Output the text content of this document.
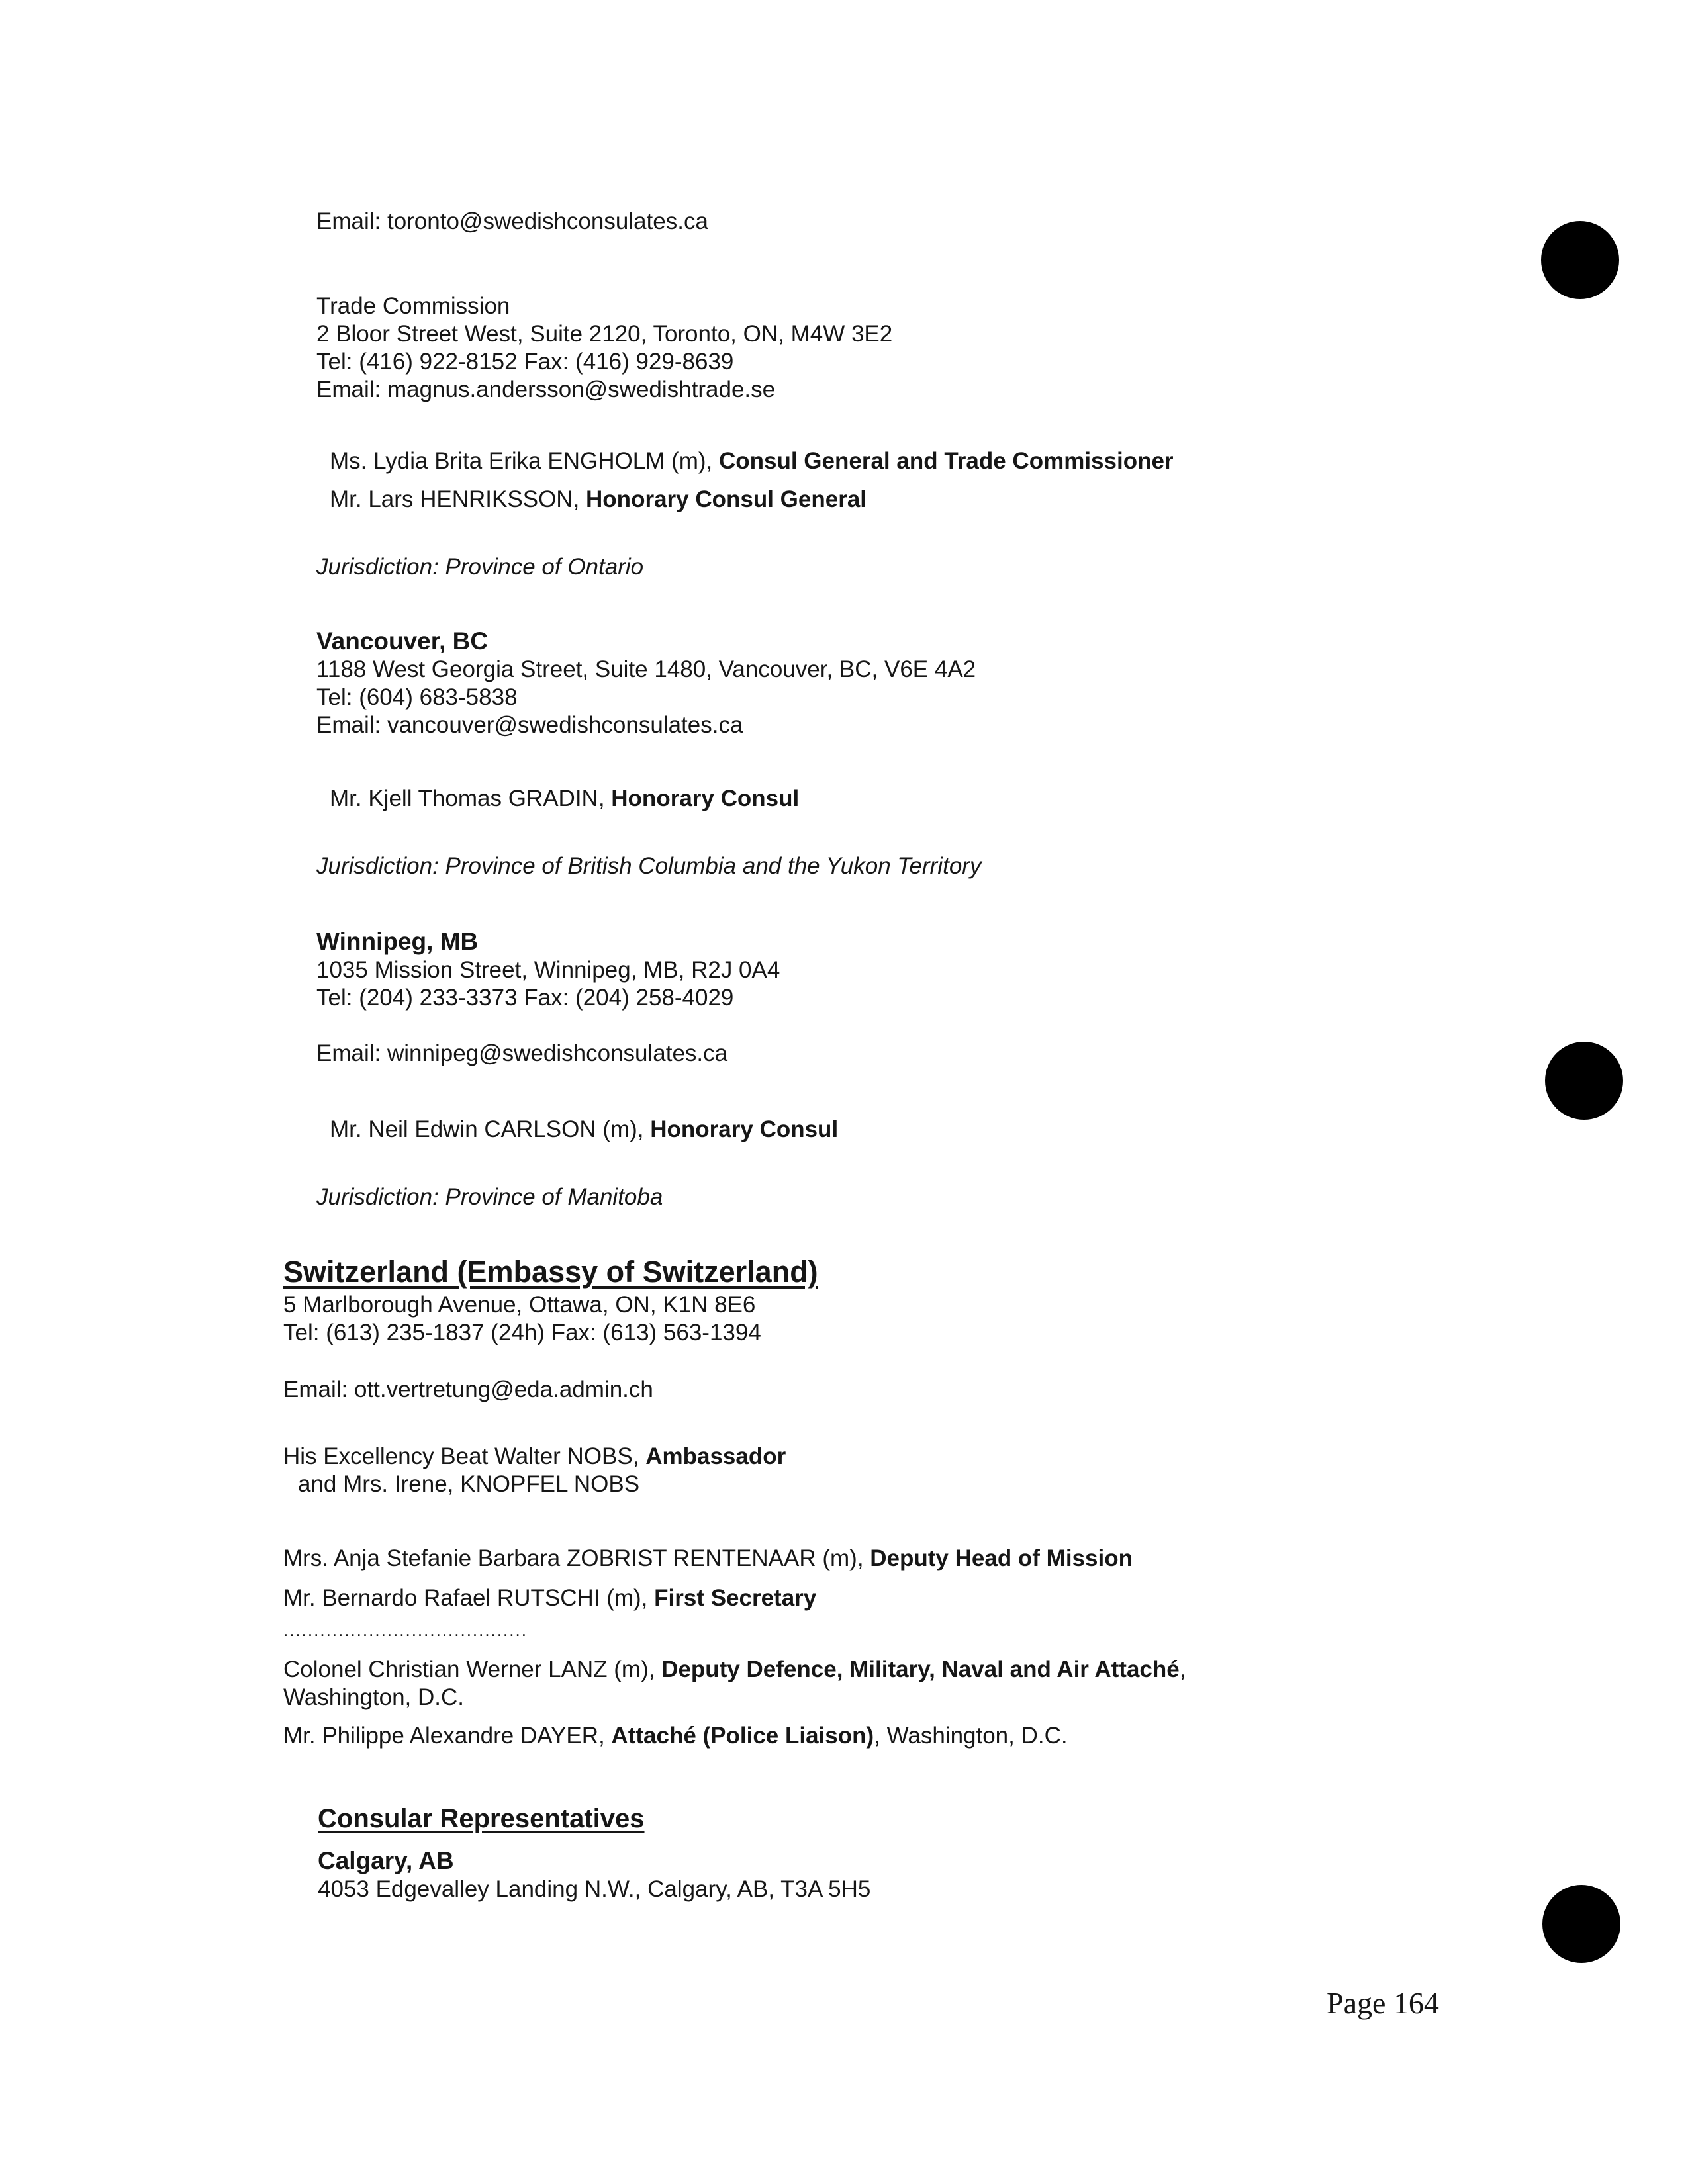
Email: toronto@swedishconsulates.ca
Trade Commission
2 Bloor Street West, Suite 2120, Toronto, ON, M4W 3E2
Tel: (416) 922-8152 Fax: (416) 929-8639
Email: magnus.andersson@swedishtrade.se
Ms. Lydia Brita Erika ENGHOLM (m), Consul General and Trade Commissioner
Mr. Lars HENRIKSSON, Honorary Consul General
Jurisdiction: Province of Ontario
Vancouver, BC
1188 West Georgia Street, Suite 1480, Vancouver, BC, V6E 4A2
Tel: (604) 683-5838
Email: vancouver@swedishconsulates.ca
Mr. Kjell Thomas GRADIN, Honorary Consul
Jurisdiction: Province of British Columbia and the Yukon Territory
Winnipeg, MB
1035 Mission Street, Winnipeg, MB, R2J 0A4
Tel: (204) 233-3373 Fax: (204) 258-4029
Email: winnipeg@swedishconsulates.ca
Mr. Neil Edwin CARLSON (m), Honorary Consul
Jurisdiction: Province of Manitoba
Switzerland (Embassy of Switzerland)
5 Marlborough Avenue, Ottawa, ON, K1N 8E6
Tel: (613) 235-1837 (24h) Fax: (613) 563-1394
Email: ott.vertretung@eda.admin.ch
His Excellency Beat Walter NOBS, Ambassador
and Mrs. Irene, KNOPFEL NOBS
Mrs. Anja Stefanie Barbara ZOBRIST RENTENAAR (m), Deputy Head of Mission
Mr. Bernardo Rafael RUTSCHI (m), First Secretary
........................................
Colonel Christian Werner LANZ (m), Deputy Defence, Military, Naval and Air Attaché,
Washington, D.C.
Mr. Philippe Alexandre DAYER, Attaché (Police Liaison), Washington, D.C.
Consular Representatives
Calgary, AB
4053 Edgevalley Landing N.W., Calgary, AB, T3A 5H5
Page 164
